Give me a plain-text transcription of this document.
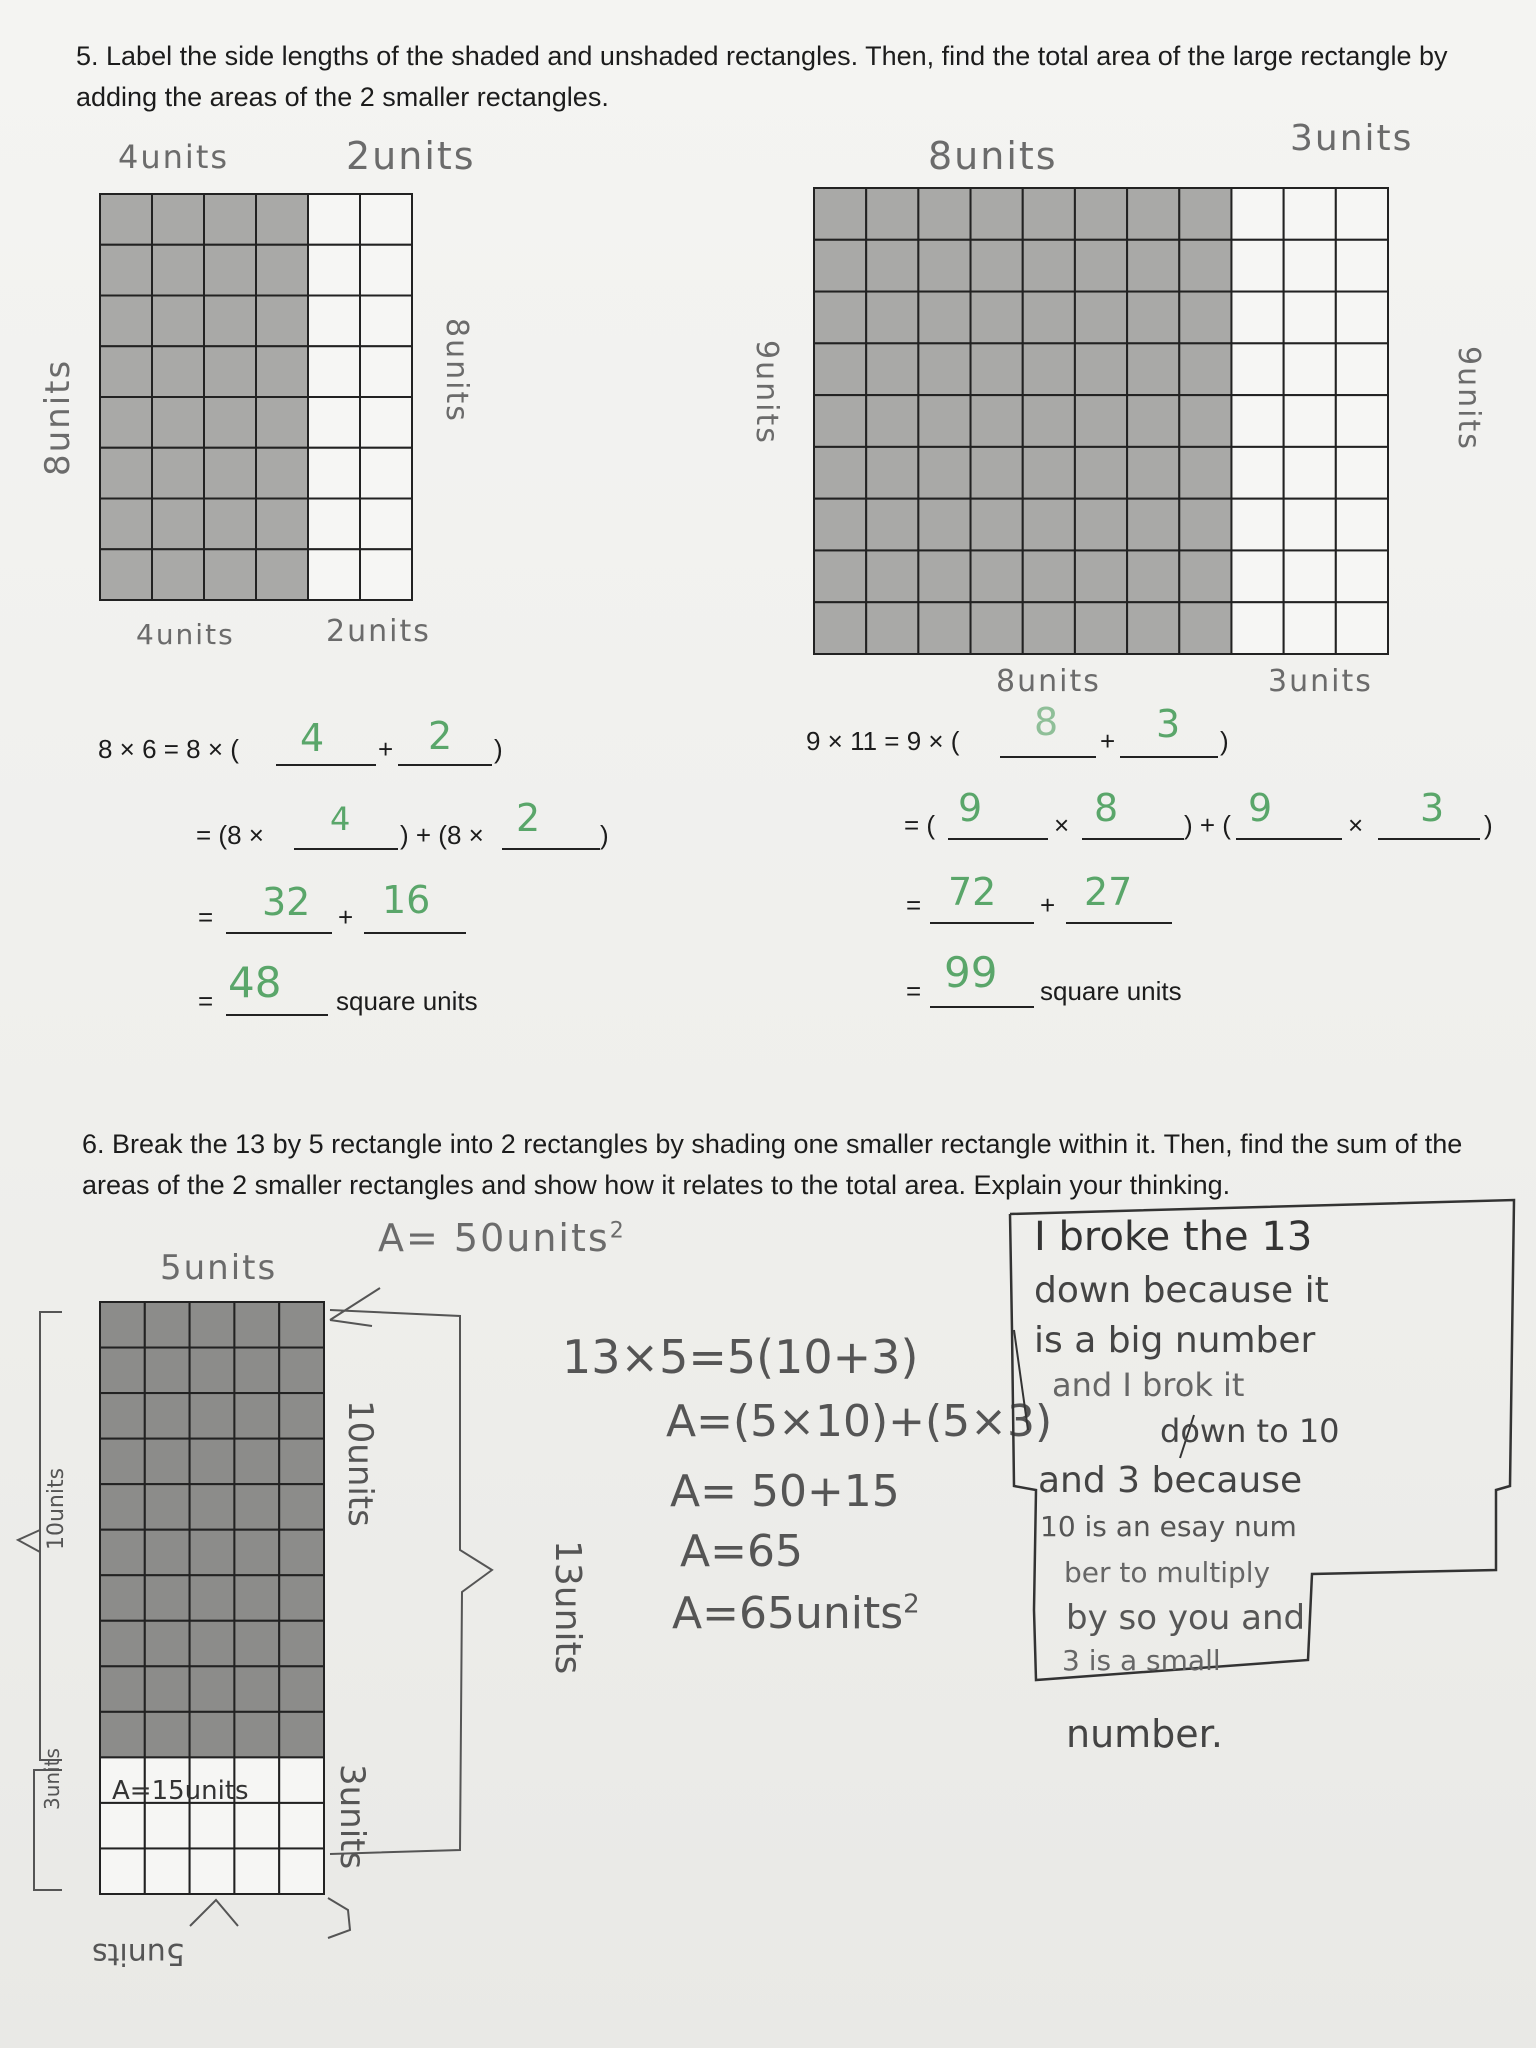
5. Label the side lengths of the shaded and unshaded rectangles. Then, find the total area of the large rectangle by adding the areas of the 2 smaller rectangles.
4units	2units
8units	8units
4units	2units
8 × 6 = 8 × ( 4 + 2 )
= (8 × 4 ) + (8 × 2 )
= 32 + 16
= 48 square units
8units	3units
9units	9units
8units	3units
9 × 11 = 9 × ( 8 + 3 )
= ( 9	× 8	) + ( 9	× 3 )
= 72 + 27
= 99 square units
6. Break the 13 by 5 rectangle into 2 rectangles by shading one smaller rectangle within it. Then, find the sum of the areas of the 2 smaller rectangles and show how it relates to the total area. Explain your thinking.
5units
A= 50units$^2$
10units
3units
10units
3units A=15units
5units
13units
13×5=5(10+3)
A=(5×10)+(5×3)
A= 50+15
A=65
A=65units$^2$
I broke the 13
down because it
is a big number
and I brok it
down to 10
and 3 because
10 is an esay num
ber to multiply
by so you and
3 is a small
number.
